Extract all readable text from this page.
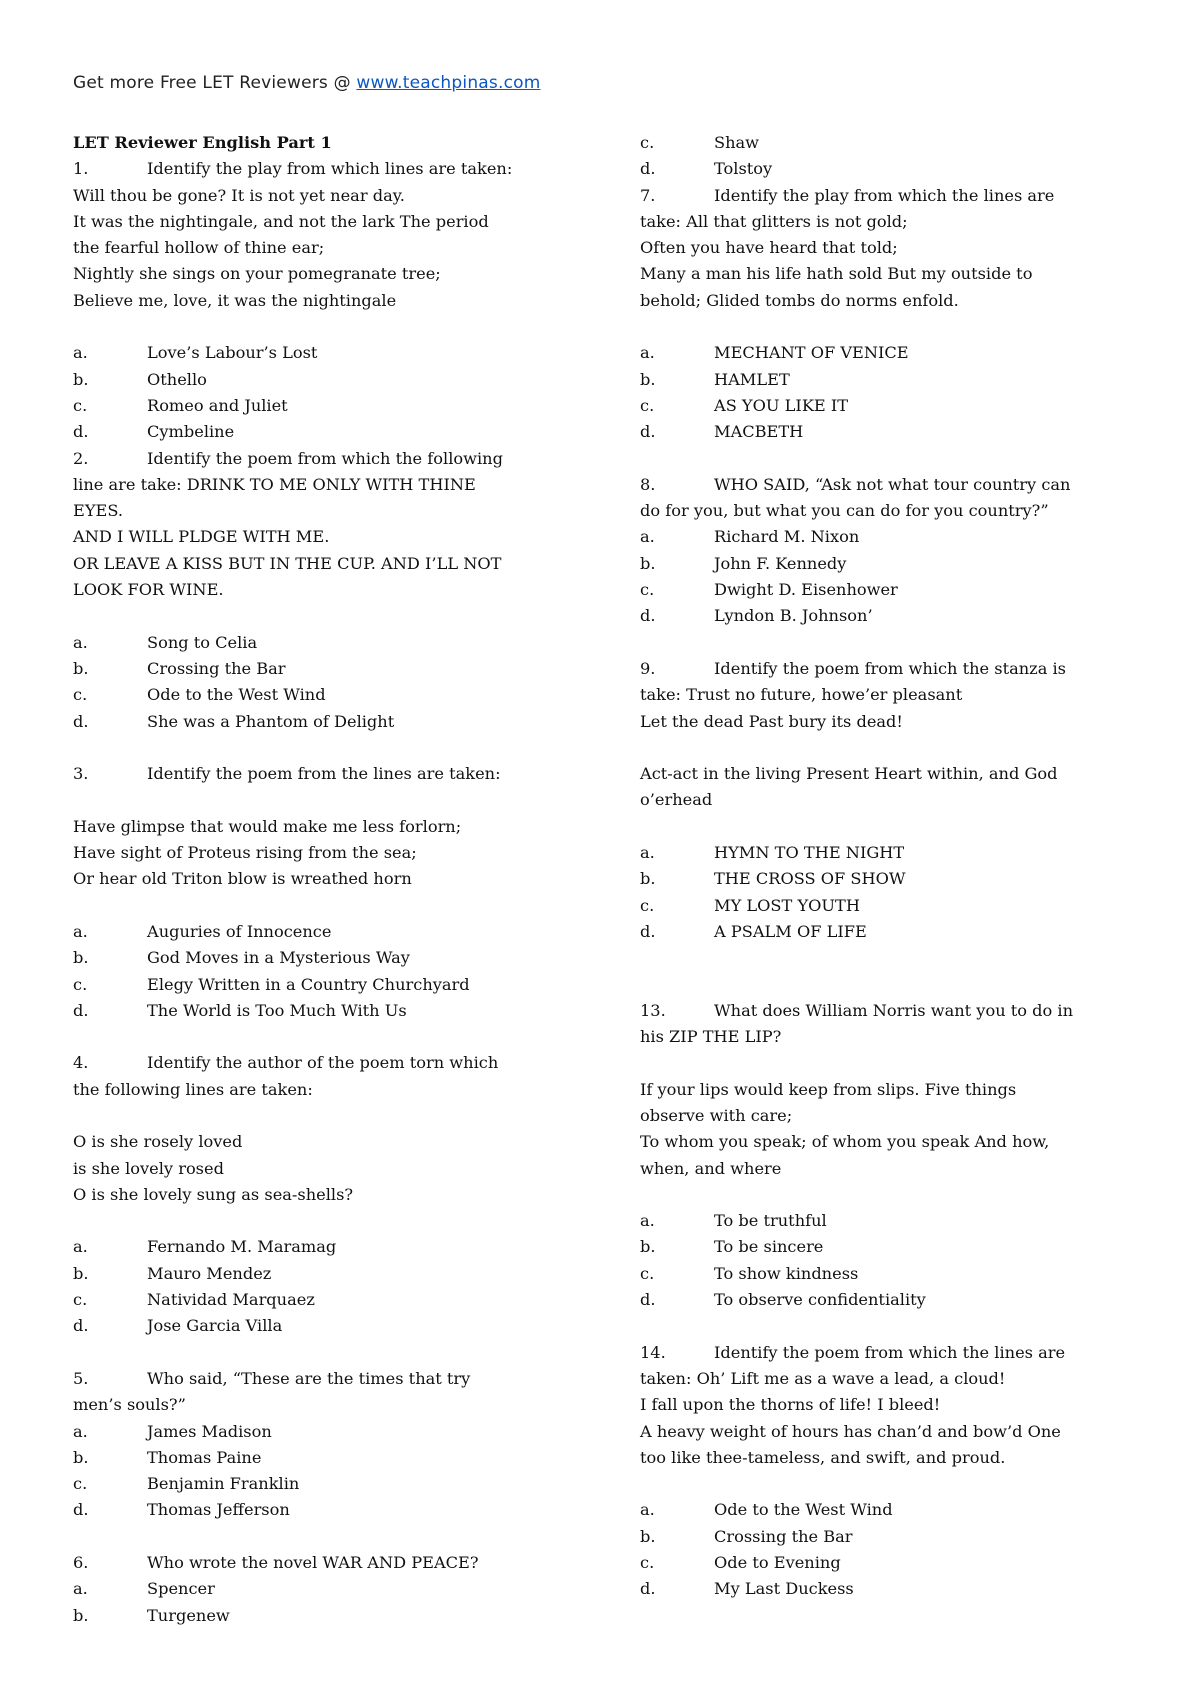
Get more Free LET Reviewers @ www.teachpinas.com
LET Reviewer English Part 1
1.	Identify the play from which lines are taken:
Will thou be gone? It is not yet near day.
It was the nightingale, and not the lark The period
the fearful hollow of thine ear;
Nightly she sings on your pomegranate tree;
Believe me, love, it was the nightingale
a.	Love’s Labour’s Lost
b.	Othello
c.	Romeo and Juliet
d.	Cymbeline
2.	Identify the poem from which the following
line are take: DRINK TO ME ONLY WITH THINE
EYES.
AND I WILL PLDGE WITH ME.
OR LEAVE A KISS BUT IN THE CUP. AND I’LL NOT
LOOK FOR WINE.
a.	Song to Celia
b.	Crossing the Bar
c.	Ode to the West Wind
d.	She was a Phantom of Delight
3.	Identify the poem from the lines are taken:
Have glimpse that would make me less forlorn;
Have sight of Proteus rising from the sea;
Or hear old Triton blow is wreathed horn
a.	Auguries of Innocence
b.	God Moves in a Mysterious Way
c.	Elegy Written in a Country Churchyard
d.	The World is Too Much With Us
4.	Identify the author of the poem torn which
the following lines are taken:
O is she rosely loved
is she lovely rosed
O is she lovely sung as sea-shells?
a.	Fernando M. Maramag
b.	Mauro Mendez
c.	Natividad Marquaez
d.	Jose Garcia Villa
5.	Who said, “These are the times that try
men’s souls?”
a.	James Madison
b.	Thomas Paine
c.	Benjamin Franklin
d.	Thomas Jefferson
6.	Who wrote the novel WAR AND PEACE?
a.	Spencer
b.	Turgenew
c.	Shaw
d.	Tolstoy
7.	Identify the play from which the lines are
take: All that glitters is not gold;
Often you have heard that told;
Many a man his life hath sold But my outside to
behold; Glided tombs do norms enfold.
a.	MECHANT OF VENICE
b.	HAMLET
c.	AS YOU LIKE IT
d.	MACBETH
8.	WHO SAID, “Ask not what tour country can
do for you, but what you can do for you country?”
a.	Richard M. Nixon
b.	John F. Kennedy
c.	Dwight D. Eisenhower
d.	Lyndon B. Johnson’
9.	Identify the poem from which the stanza is
take: Trust no future, howe’er pleasant
Let the dead Past bury its dead!
Act-act in the living Present Heart within, and God
o’erhead
a.	HYMN TO THE NIGHT
b.	THE CROSS OF SHOW
c.	MY LOST YOUTH
d.	A PSALM OF LIFE
13.	What does William Norris want you to do in
his ZIP THE LIP?
If your lips would keep from slips. Five things
observe with care;
To whom you speak; of whom you speak And how,
when, and where
a.	To be truthful
b.	To be sincere
c.	To show kindness
d.	To observe confidentiality
14.	Identify the poem from which the lines are
taken: Oh’ Lift me as a wave a lead, a cloud!
I fall upon the thorns of life! I bleed!
A heavy weight of hours has chan’d and bow’d One
too like thee-tameless, and swift, and proud.
a.	Ode to the West Wind
b.	Crossing the Bar
c.	Ode to Evening
d.	My Last Duckess
